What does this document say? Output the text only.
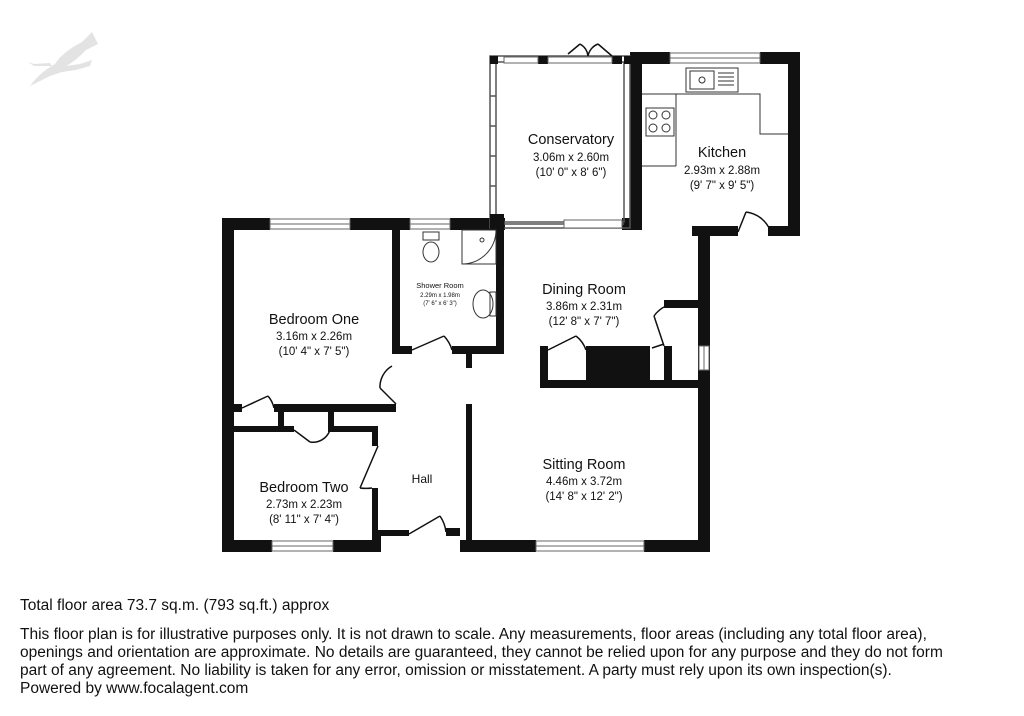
Conservatory
3.06m x 2.60m
(10' 0" x 8' 6")
Kitchen
2.93m x 2.88m
(9' 7" x 9' 5")
Bedroom One
3.16m x 2.26m
(10' 4" x 7' 5")
Shower Room
2.29m x 1.98m
(7' 6" x 6' 3")
Dining Room
3.86m x 2.31m
(12' 8" x 7' 7")
Bedroom Two
2.73m x 2.23m
(8' 11" x 7' 4")
Hall
Sitting Room
4.46m x 3.72m
(14' 8" x 12' 2")

Total floor area 73.7 sq.m. (793 sq.ft.) approx

This floor plan is for illustrative purposes only. It is not drawn to scale. Any measurements, floor areas (including any total floor area),

openings and orientation are approximate. No details are guaranteed, they cannot be relied upon for any purpose and they do not form

part of any agreement. No liability is taken for any error, omission or misstatement. A party must rely upon its own inspection(s).

Powered by www.focalagent.com
